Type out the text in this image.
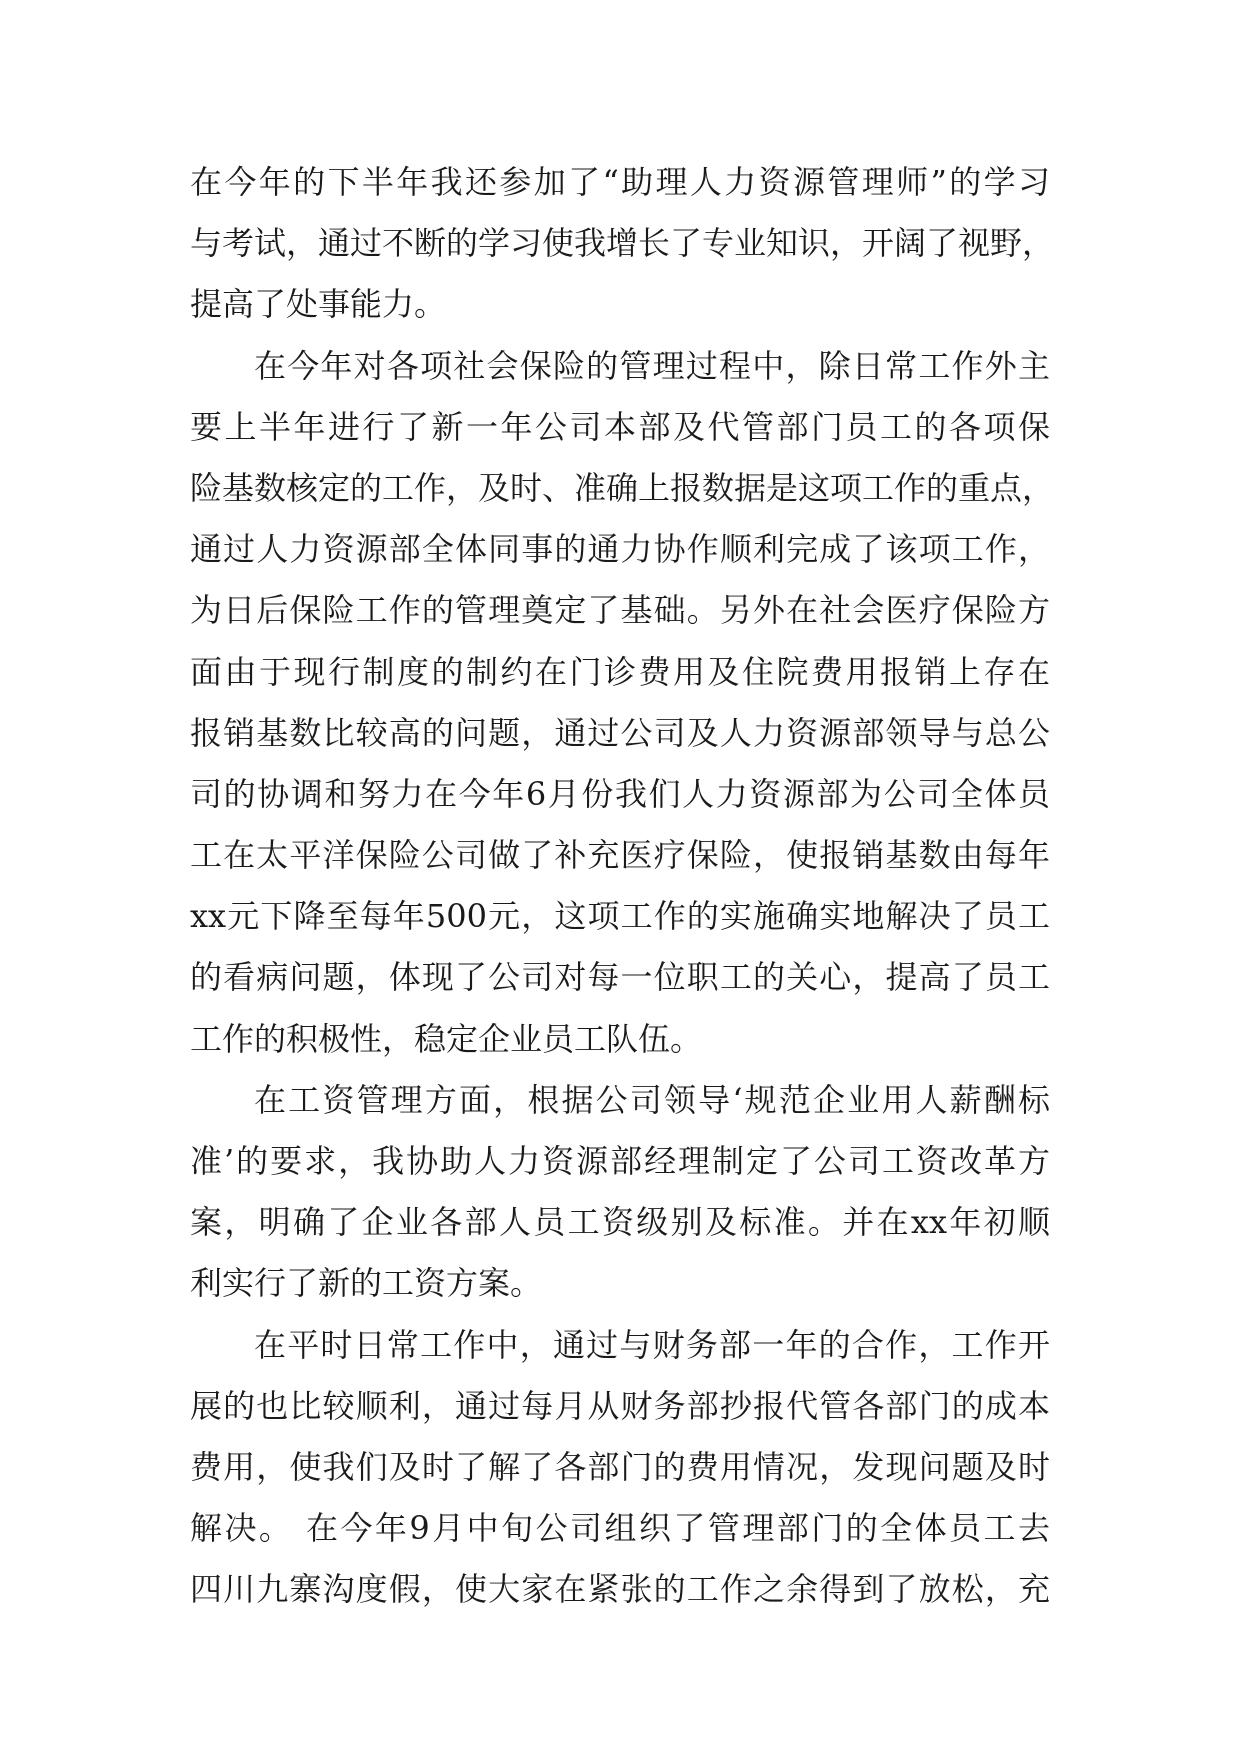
在今年的下半年我还参加了“助理人力资源管理师”的学习
与考试，通过不断的学习使我增长了专业知识，开阔了视野，
提高了处事能力。
在今年对各项社会保险的管理过程中，除日常工作外主
要上半年进行了新一年公司本部及代管部门员工的各项保
险基数核定的工作，及时、准确上报数据是这项工作的重点，
通过人力资源部全体同事的通力协作顺利完成了该项工作，
为日后保险工作的管理奠定了基础。另外在社会医疗保险方
面由于现行制度的制约在门诊费用及住院费用报销上存在
报销基数比较高的问题，通过公司及人力资源部领导与总公
司的协调和努力在今年6月份我们人力资源部为公司全体员
工在太平洋保险公司做了补充医疗保险，使报销基数由每年
xx元下降至每年500元，这项工作的实施确实地解决了员工
的看病问题，体现了公司对每一位职工的关心，提高了员工
工作的积极性，稳定企业员工队伍。
在工资管理方面，根据公司领导‘规范企业用人薪酬标
准’的要求，我协助人力资源部经理制定了公司工资改革方
案，明确了企业各部人员工资级别及标准。并在xx年初顺
利实行了新的工资方案。
在平时日常工作中，通过与财务部一年的合作，工作开
展的也比较顺利，通过每月从财务部抄报代管各部门的成本
费用，使我们及时了解了各部门的费用情况，发现问题及时
解决。 在今年9月中旬公司组织了管理部门的全体员工去
四川九寨沟度假，使大家在紧张的工作之余得到了放松，充
